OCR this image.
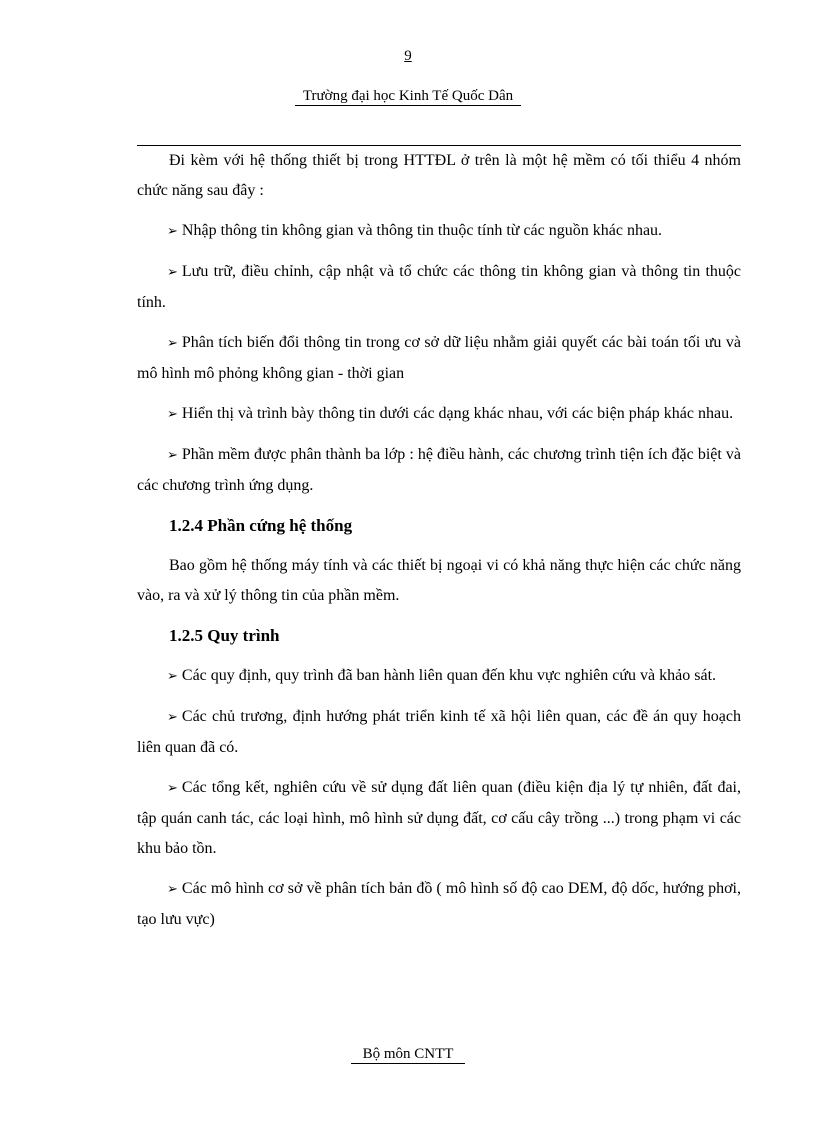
9
Trường đại học Kinh Tế Quốc Dân

Đi kèm với hệ thống thiết bị trong HTTĐL ở trên là một hệ mềm có tối thiểu 4 nhóm chức năng sau đây :

➢ Nhập thông tin không gian và thông tin thuộc tính từ các nguồn khác nhau.

➢ Lưu trữ, điều chỉnh, cập nhật và tổ chức các thông tin không gian và thông tin thuộc tính.

➢ Phân tích biến đổi thông tin trong cơ sở dữ liệu nhằm giải quyết các bài toán tối ưu và mô hình mô phỏng không gian - thời gian

➢ Hiển thị và trình bày thông tin dưới các dạng khác nhau, với các biện pháp khác nhau.

➢ Phần mềm được phân thành ba lớp : hệ điều hành, các chương trình tiện ích đặc biệt và các chương trình ứng dụng.

1.2.4 Phần cứng hệ thống

Bao gồm hệ thống máy tính và các thiết bị ngoại vi có khả năng thực hiện các chức năng vào, ra và xử lý thông tin của phần mềm.

1.2.5 Quy trình

➢ Các quy định, quy trình đã ban hành liên quan đến khu vực nghiên cứu và khảo sát.

➢ Các chủ trương, định hướng phát triển kinh tế xã hội liên quan, các đề án quy hoạch liên quan đã có.

➢ Các tổng kết, nghiên cứu về sử dụng đất liên quan (điều kiện địa lý tự nhiên, đất đai, tập quán canh tác, các loại hình, mô hình sử dụng đất, cơ cấu cây trồng ...) trong phạm vi các khu bảo tồn.

➢ Các mô hình cơ sở về phân tích bản đồ ( mô hình số độ cao DEM, độ dốc, hướng phơi, tạo lưu vực)

Bộ môn CNTT
